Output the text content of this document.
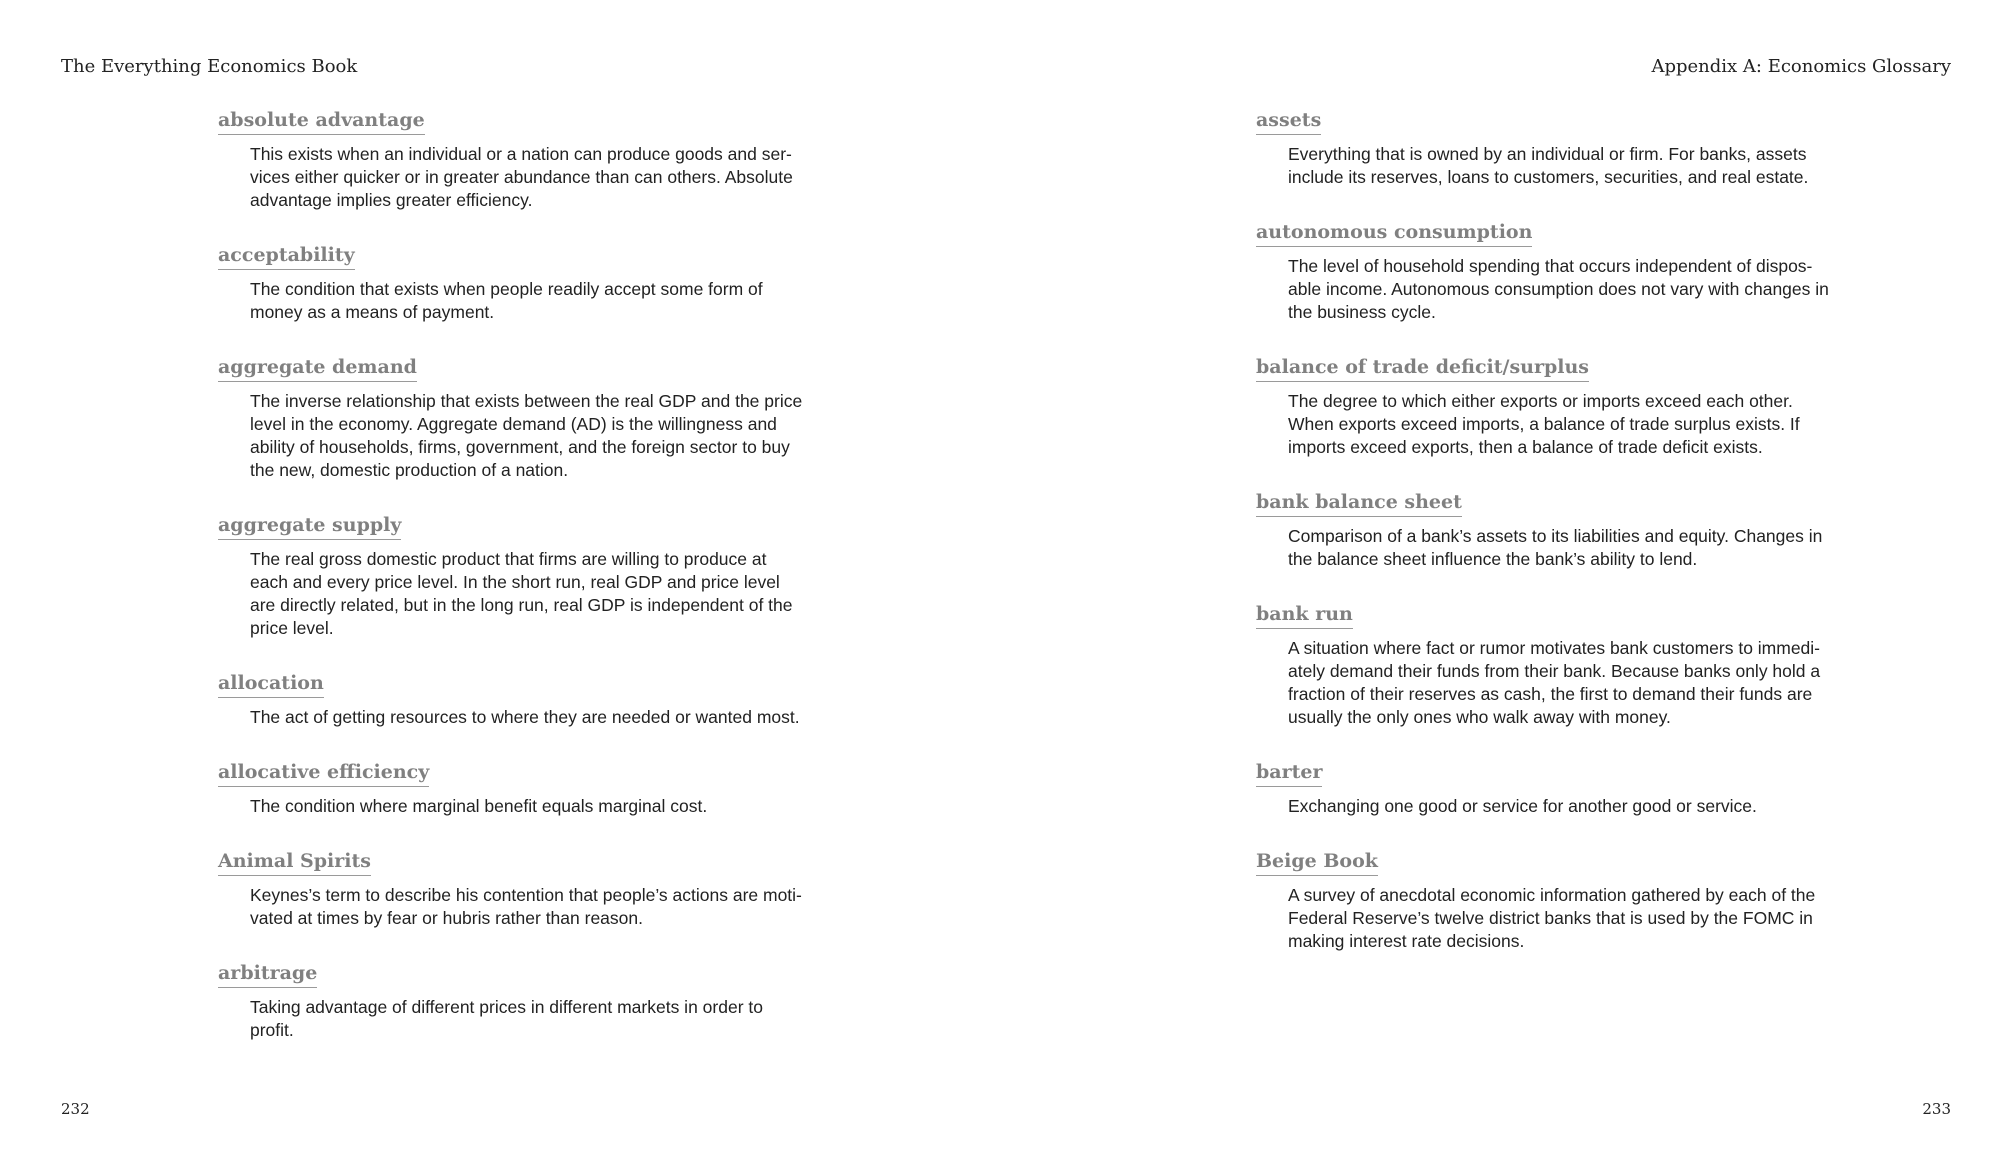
The Everything Economics Book	Appendix A: Economics Glossary
absolute advantage
This exists when an individual or a nation can produce goods and ser-
vices either quicker or in greater abundance than can others. Absolute
advantage implies greater efficiency.
acceptability
The condition that exists when people readily accept some form of
money as a means of payment.
aggregate demand
The inverse relationship that exists between the real GDP and the price
level in the economy. Aggregate demand (AD) is the willingness and
ability of households, firms, government, and the foreign sector to buy
the new, domestic production of a nation.
aggregate supply
The real gross domestic product that firms are willing to produce at
each and every price level. In the short run, real GDP and price level
are directly related, but in the long run, real GDP is independent of the
price level.
allocation
The act of getting resources to where they are needed or wanted most.
allocative efficiency
The condition where marginal benefit equals marginal cost.
Animal Spirits
Keynes’s term to describe his contention that people’s actions are moti-
vated at times by fear or hubris rather than reason.
arbitrage
Taking advantage of different prices in different markets in order to
profit.
assets
Everything that is owned by an individual or firm. For banks, assets
include its reserves, loans to customers, securities, and real estate.
autonomous consumption
The level of household spending that occurs independent of dispos-
able income. Autonomous consumption does not vary with changes in
the business cycle.
balance of trade deficit/surplus
The degree to which either exports or imports exceed each other.
When exports exceed imports, a balance of trade surplus exists. If
imports exceed exports, then a balance of trade deficit exists.
bank balance sheet
Comparison of a bank’s assets to its liabilities and equity. Changes in
the balance sheet influence the bank’s ability to lend.
bank run
A situation where fact or rumor motivates bank customers to immedi-
ately demand their funds from their bank. Because banks only hold a
fraction of their reserves as cash, the first to demand their funds are
usually the only ones who walk away with money.
barter
Exchanging one good or service for another good or service.
Beige Book
A survey of anecdotal economic information gathered by each of the
Federal Reserve’s twelve district banks that is used by the FOMC in
making interest rate decisions.
232	233
